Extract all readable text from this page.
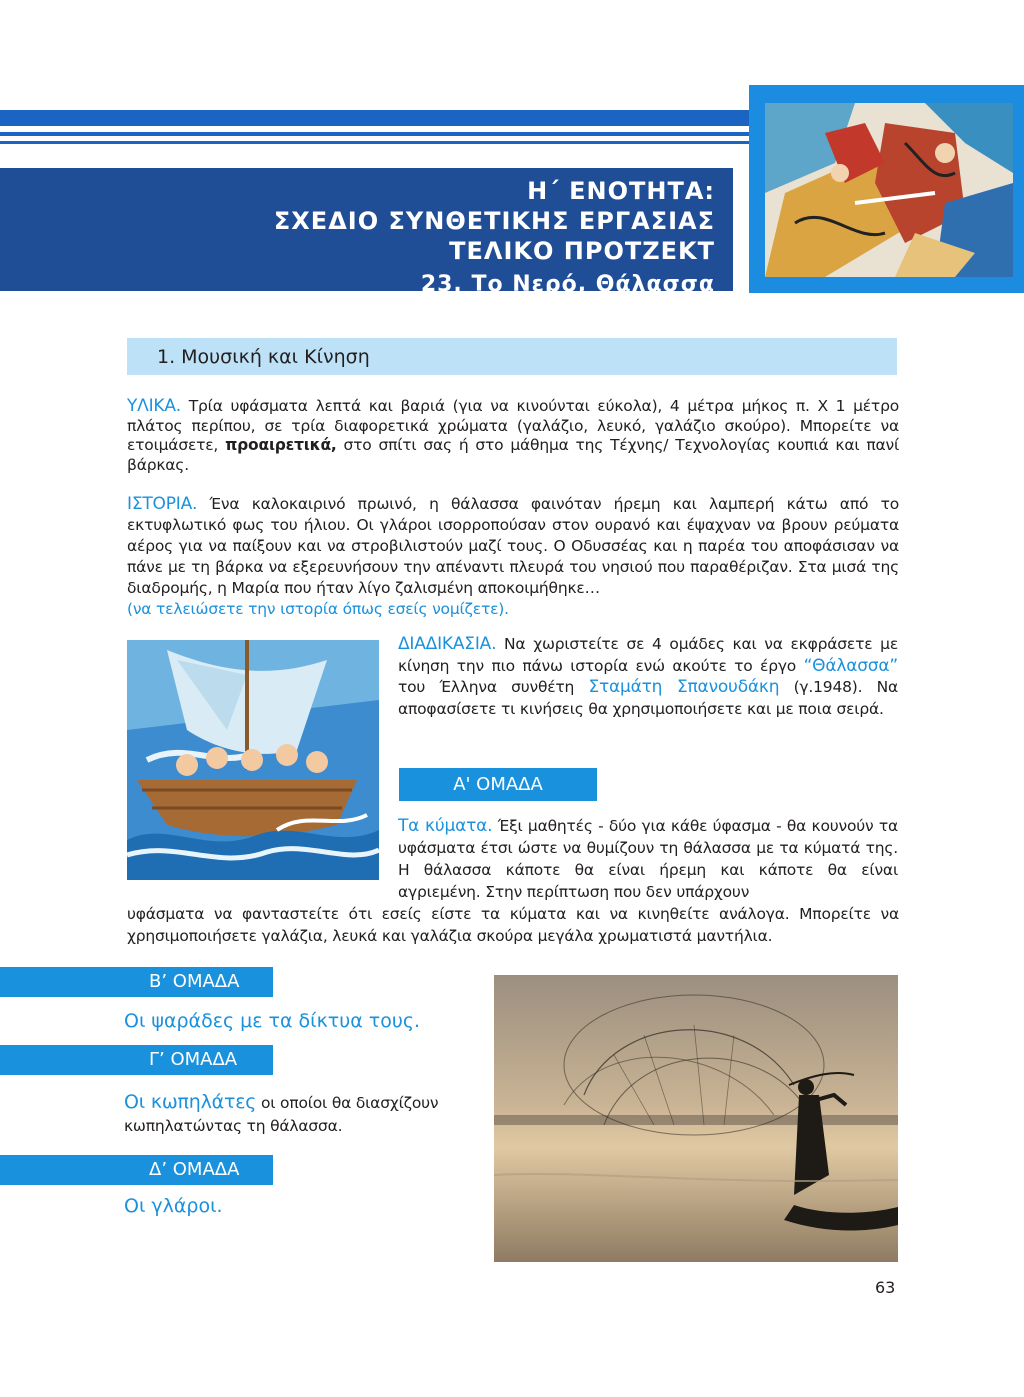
Η΄ ΕΝΟΤΗΤΑ:
ΣΧΕΔΙΟ ΣΥΝΘΕΤΙΚΗΣ ΕΡΓΑΣΙΑΣ
ΤΕΛΙΚΟ ΠΡΟΤΖΕΚΤ
23. Το Νερό, Θάλασσα
1. Μουσική και Κίνηση
ΥΛΙΚΑ. Τρία υφάσματα λεπτά και βαριά (για να κινούνται εύκολα), 4 μέτρα μήκος π. Χ 1 μέτρο πλάτος περίπου, σε τρία διαφορετικά χρώματα (γαλάζιο, λευκό, γαλάζιο σκούρο). Μπορείτε να ετοιμάσετε, προαιρετικά, στο σπίτι σας ή στο μάθημα της Τέχνης/ Τεχνολογίας κουπιά και πανί βάρκας.
ΙΣΤΟΡΙΑ. Ένα καλοκαιρινό πρωινό, η θάλασσα φαινόταν ήρεμη και λαμπερή κάτω από το εκτυφλωτικό φως του ήλιου. Οι γλάροι ισορροπούσαν στον ουρανό και έψαχναν να βρουν ρεύματα αέρος για να παίξουν και να στροβιλιστούν μαζί τους. Ο Οδυσσέας και η παρέα του αποφάσισαν να πάνε με τη βάρκα να εξερευνήσουν την απέναντι πλευρά του νησιού που παραθέριζαν. Στα μισά της διαδρομής, η Μαρία που ήταν λίγο ζαλισμένη αποκοιμήθηκε…
(να τελειώσετε την ιστορία όπως εσείς νομίζετε).
ΔΙΑΔΙΚΑΣΙΑ. Να χωριστείτε σε 4 ομάδες και να εκφράσετε με κίνηση την πιο πάνω ιστορία ενώ ακούτε το έργο “Θάλασσα” του Έλληνα συνθέτη Σταμάτη Σπανουδάκη (γ.1948). Να αποφασίσετε τι κινήσεις θα χρησιμοποιήσετε και με ποια σειρά.
Α' ΟΜΑΔΑ
Τα κύματα. Έξι μαθητές - δύο για κάθε ύφασμα - θα κουνούν τα υφάσματα έτσι ώστε να θυμίζουν τη θάλασσα με τα κύματά της. Η θάλασσα κάποτε θα είναι ήρεμη και κάποτε θα είναι αγριεμένη. Στην περίπτωση που δεν υπάρχουν
υφάσματα να φανταστείτε ότι εσείς είστε τα κύματα και να κινηθείτε ανάλογα. Μπορείτε να χρησιμοποιήσετε γαλάζια, λευκά και γαλάζια σκούρα μεγάλα χρωματιστά μαντήλια.
Β’ ΟΜΑΔΑ
Οι ψαράδες με τα δίκτυα τους.
Γ’ ΟΜΑΔΑ
Οι κωπηλάτες οι οποίοι θα διασχίζουν κωπηλατώντας τη θάλασσα.
Δ’ ΟΜΑΔΑ
Οι γλάροι.
63
